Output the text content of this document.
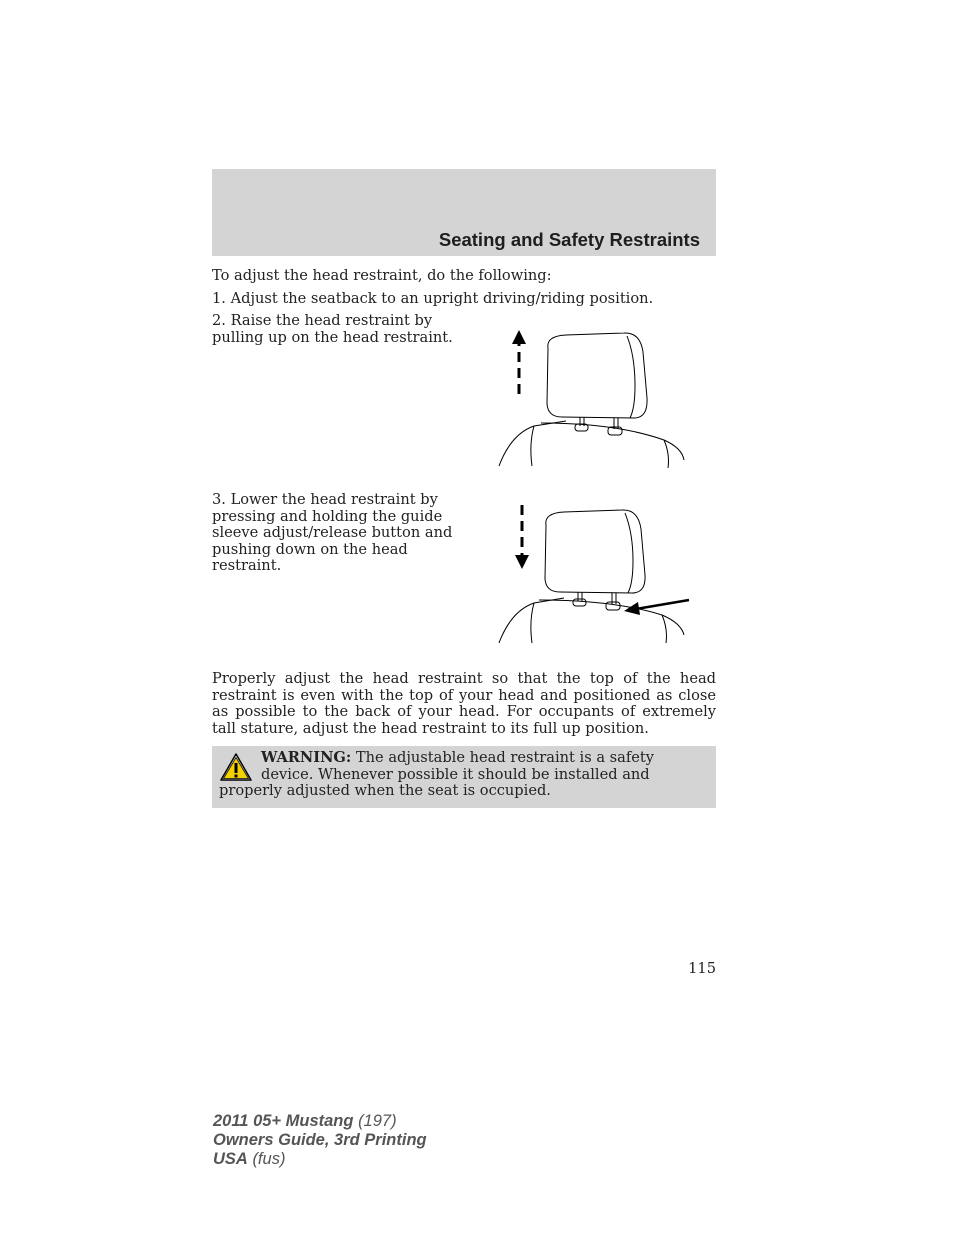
Seating and Safety Restraints

To adjust the head restraint, do the following:

1. Adjust the seatback to an upright driving/riding position.

2. Raise the head restraint by pulling up on the head restraint.

3. Lower the head restraint by pressing and holding the guide sleeve adjust/release button and pushing down on the head restraint.

Properly adjust the head restraint so that the top of the head restraint is even with the top of your head and positioned as close as possible to the back of your head. For occupants of extremely tall stature, adjust the head restraint to its full up position.

WARNING: The adjustable head restraint is a safety device. Whenever possible it should be installed and properly adjusted when the seat is occupied.

115
2011 05+ Mustang (197)
Owners Guide, 3rd Printing
USA (fus)
